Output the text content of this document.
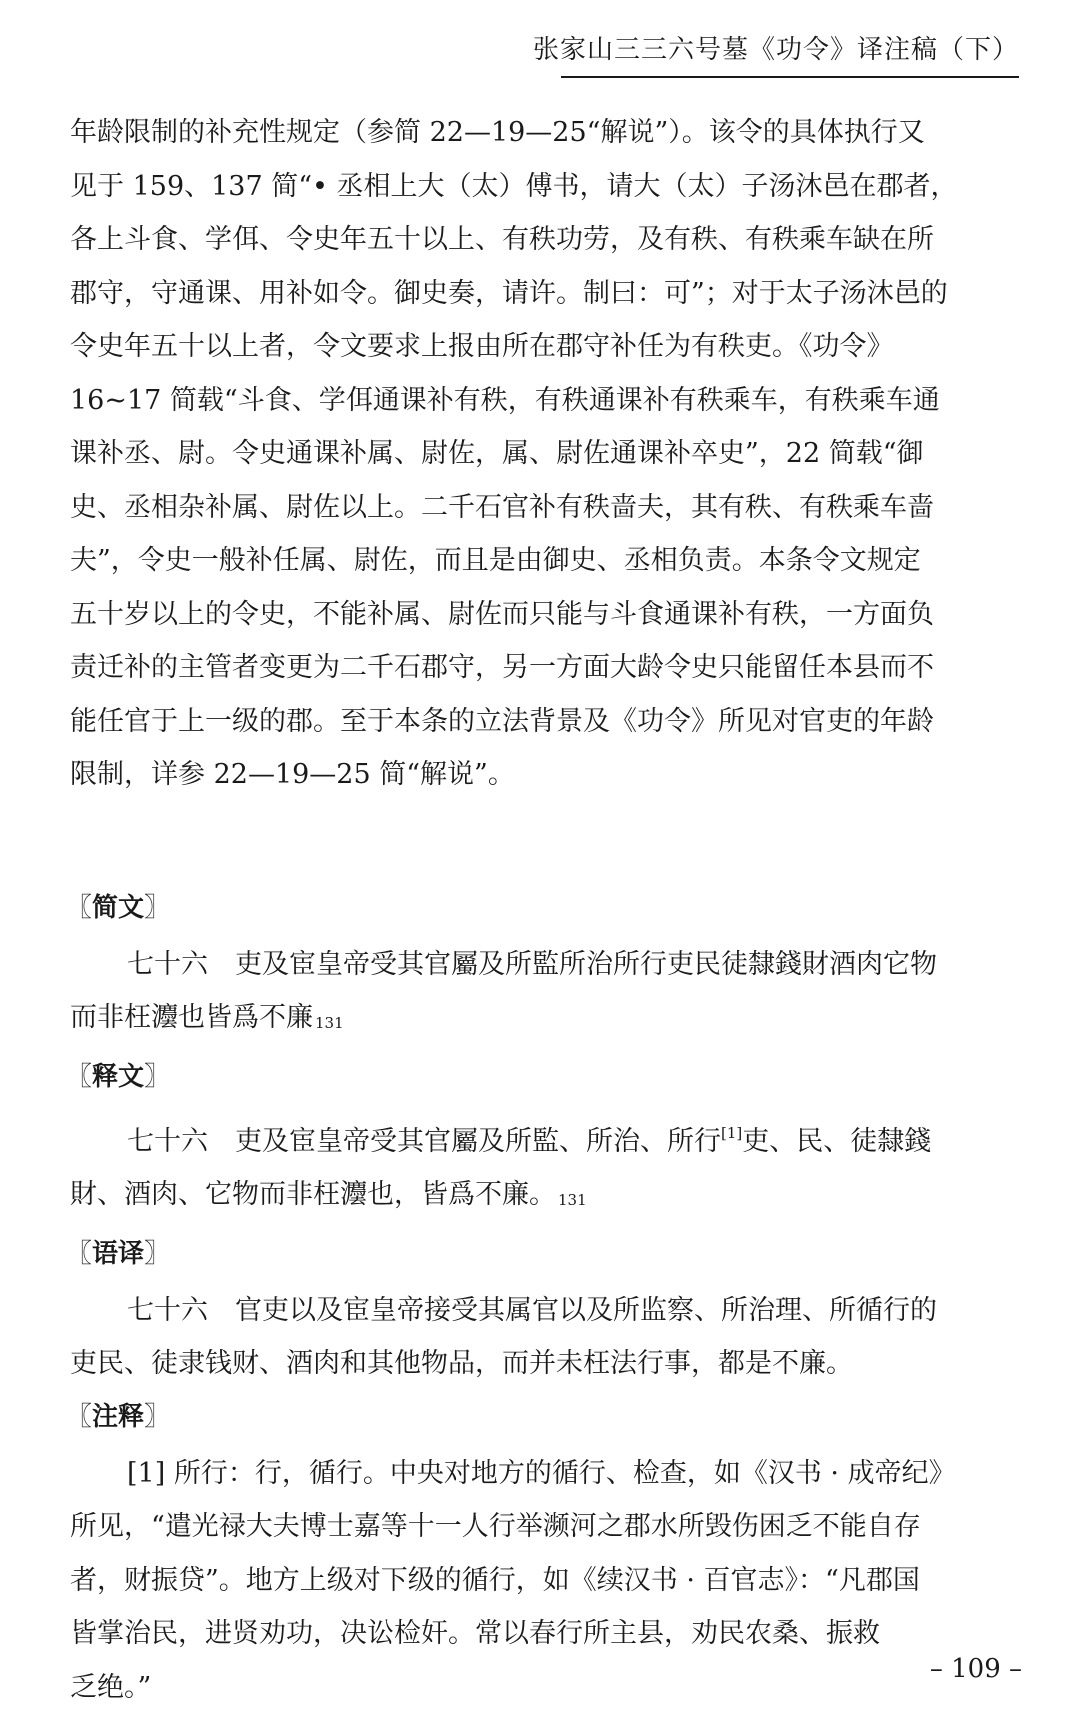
张家山三三六号墓《功令》译注稿（下）

年龄限制的补充性规定（参简 22—19—25“解说”）。该令的具体执行又
见于 159、137 简“• 丞相上大（太）傅书，请大（太）子汤沐邑在郡者，
各上斗食、学佴、令史年五十以上、有秩功劳，及有秩、有秩乘车缺在所
郡守，守通课、用补如令。御史奏，请许。制曰：可”；对于太子汤沐邑的
令史年五十以上者，令文要求上报由所在郡守补任为有秩吏。《功令》
16~17 简载“斗食、学佴通课补有秩，有秩通课补有秩乘车，有秩乘车通
课补丞、尉。令史通课补属、尉佐，属、尉佐通课补卒史”，22 简载“御
史、丞相杂补属、尉佐以上。二千石官补有秩啬夫，其有秩、有秩乘车啬
夫”，令史一般补任属、尉佐，而且是由御史、丞相负责。本条令文规定
五十岁以上的令史，不能补属、尉佐而只能与斗食通课补有秩，一方面负
责迁补的主管者变更为二千石郡守，另一方面大龄令史只能留任本县而不
能任官于上一级的郡。至于本条的立法背景及《功令》所见对官吏的年龄
限制，详参 22—19—25 简“解说”。

〖 简文 〗

七十六　吏及宦皇帝受其官屬及所監所治所行吏民徒隸錢財酒肉它物
而非枉灋也皆爲不廉 131

〖 释文 〗

七十六　吏及宦皇帝受其官屬及所監、所治、所行[1]吏、民、徒隸錢
財、酒肉、它物而非枉灋也，皆爲不廉。 131

〖 语译 〗

七十六　官吏以及宦皇帝接受其属官以及所监察、所治理、所循行的
吏民、徒隶钱财、酒肉和其他物品，而并未枉法行事，都是不廉。

〖 注释 〗

[1] 所行：行，循行。中央对地方的循行、检查，如《汉书 · 成帝纪》
所见，“遣光禄大夫博士嘉等十一人行举濒河之郡水所毁伤困乏不能自存
者，财振贷”。地方上级对下级的循行，如《续汉书 · 百官志》：“凡郡国
皆掌治民，进贤劝功，决讼检奸。常以春行所主县，劝民农桑、振救
乏绝。”

– 109 –
